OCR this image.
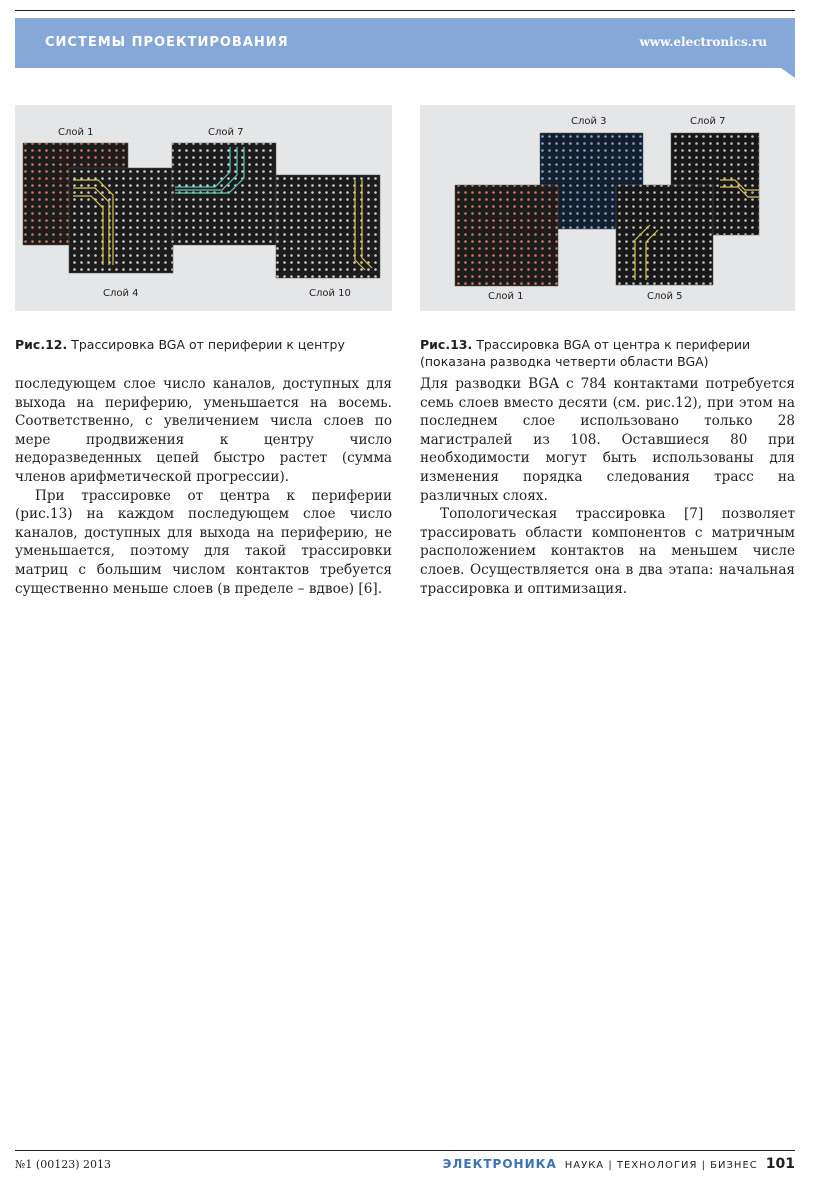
СИСТЕМЫ ПРОЕКТИРОВАНИЯ	www.electronics.ru
Слой 1	Слой 7
Слой 4	Слой 10
Слой 3	Слой 7
Слой 1	Слой 5
Рис.12. Трассировка BGA от периферии к центру	Рис.13. Трассировка BGA от центра к периферии (показана разводка четверти области BGA)

последующем слое число каналов, доступных для выхода на периферию, уменьшается на восемь. Соответственно, с увеличением числа слоев по мере продвижения к центру число недоразведенных цепей быстро растет (сумма членов арифметической прогрессии).

При трассировке от центра к периферии (рис.13) на каждом последующем слое число каналов, доступных для выхода на периферию, не уменьшается, поэтому для такой трассировки матриц с большим числом контактов требуется существенно меньше слоев (в пределе – вдвое) [6].

Для разводки BGA с 784 контактами потребуется семь слоев вместо десяти (см. рис.12), при этом на последнем слое использовано только 28 магистралей из 108. Оставшиеся 80 при необходимости могут быть использованы для изменения порядка следования трасс на различных слоях.

Топологическая трассировка [7] позволяет трассировать области компонентов с матричным расположением контактов на меньшем числе слоев. Осуществляется она в два этапа: начальная трассировка и оптимизация.

№1 (00123) 2013	ЭЛЕКТРОНИКА НАУКА | ТЕХНОЛОГИЯ | БИЗНЕС 101
